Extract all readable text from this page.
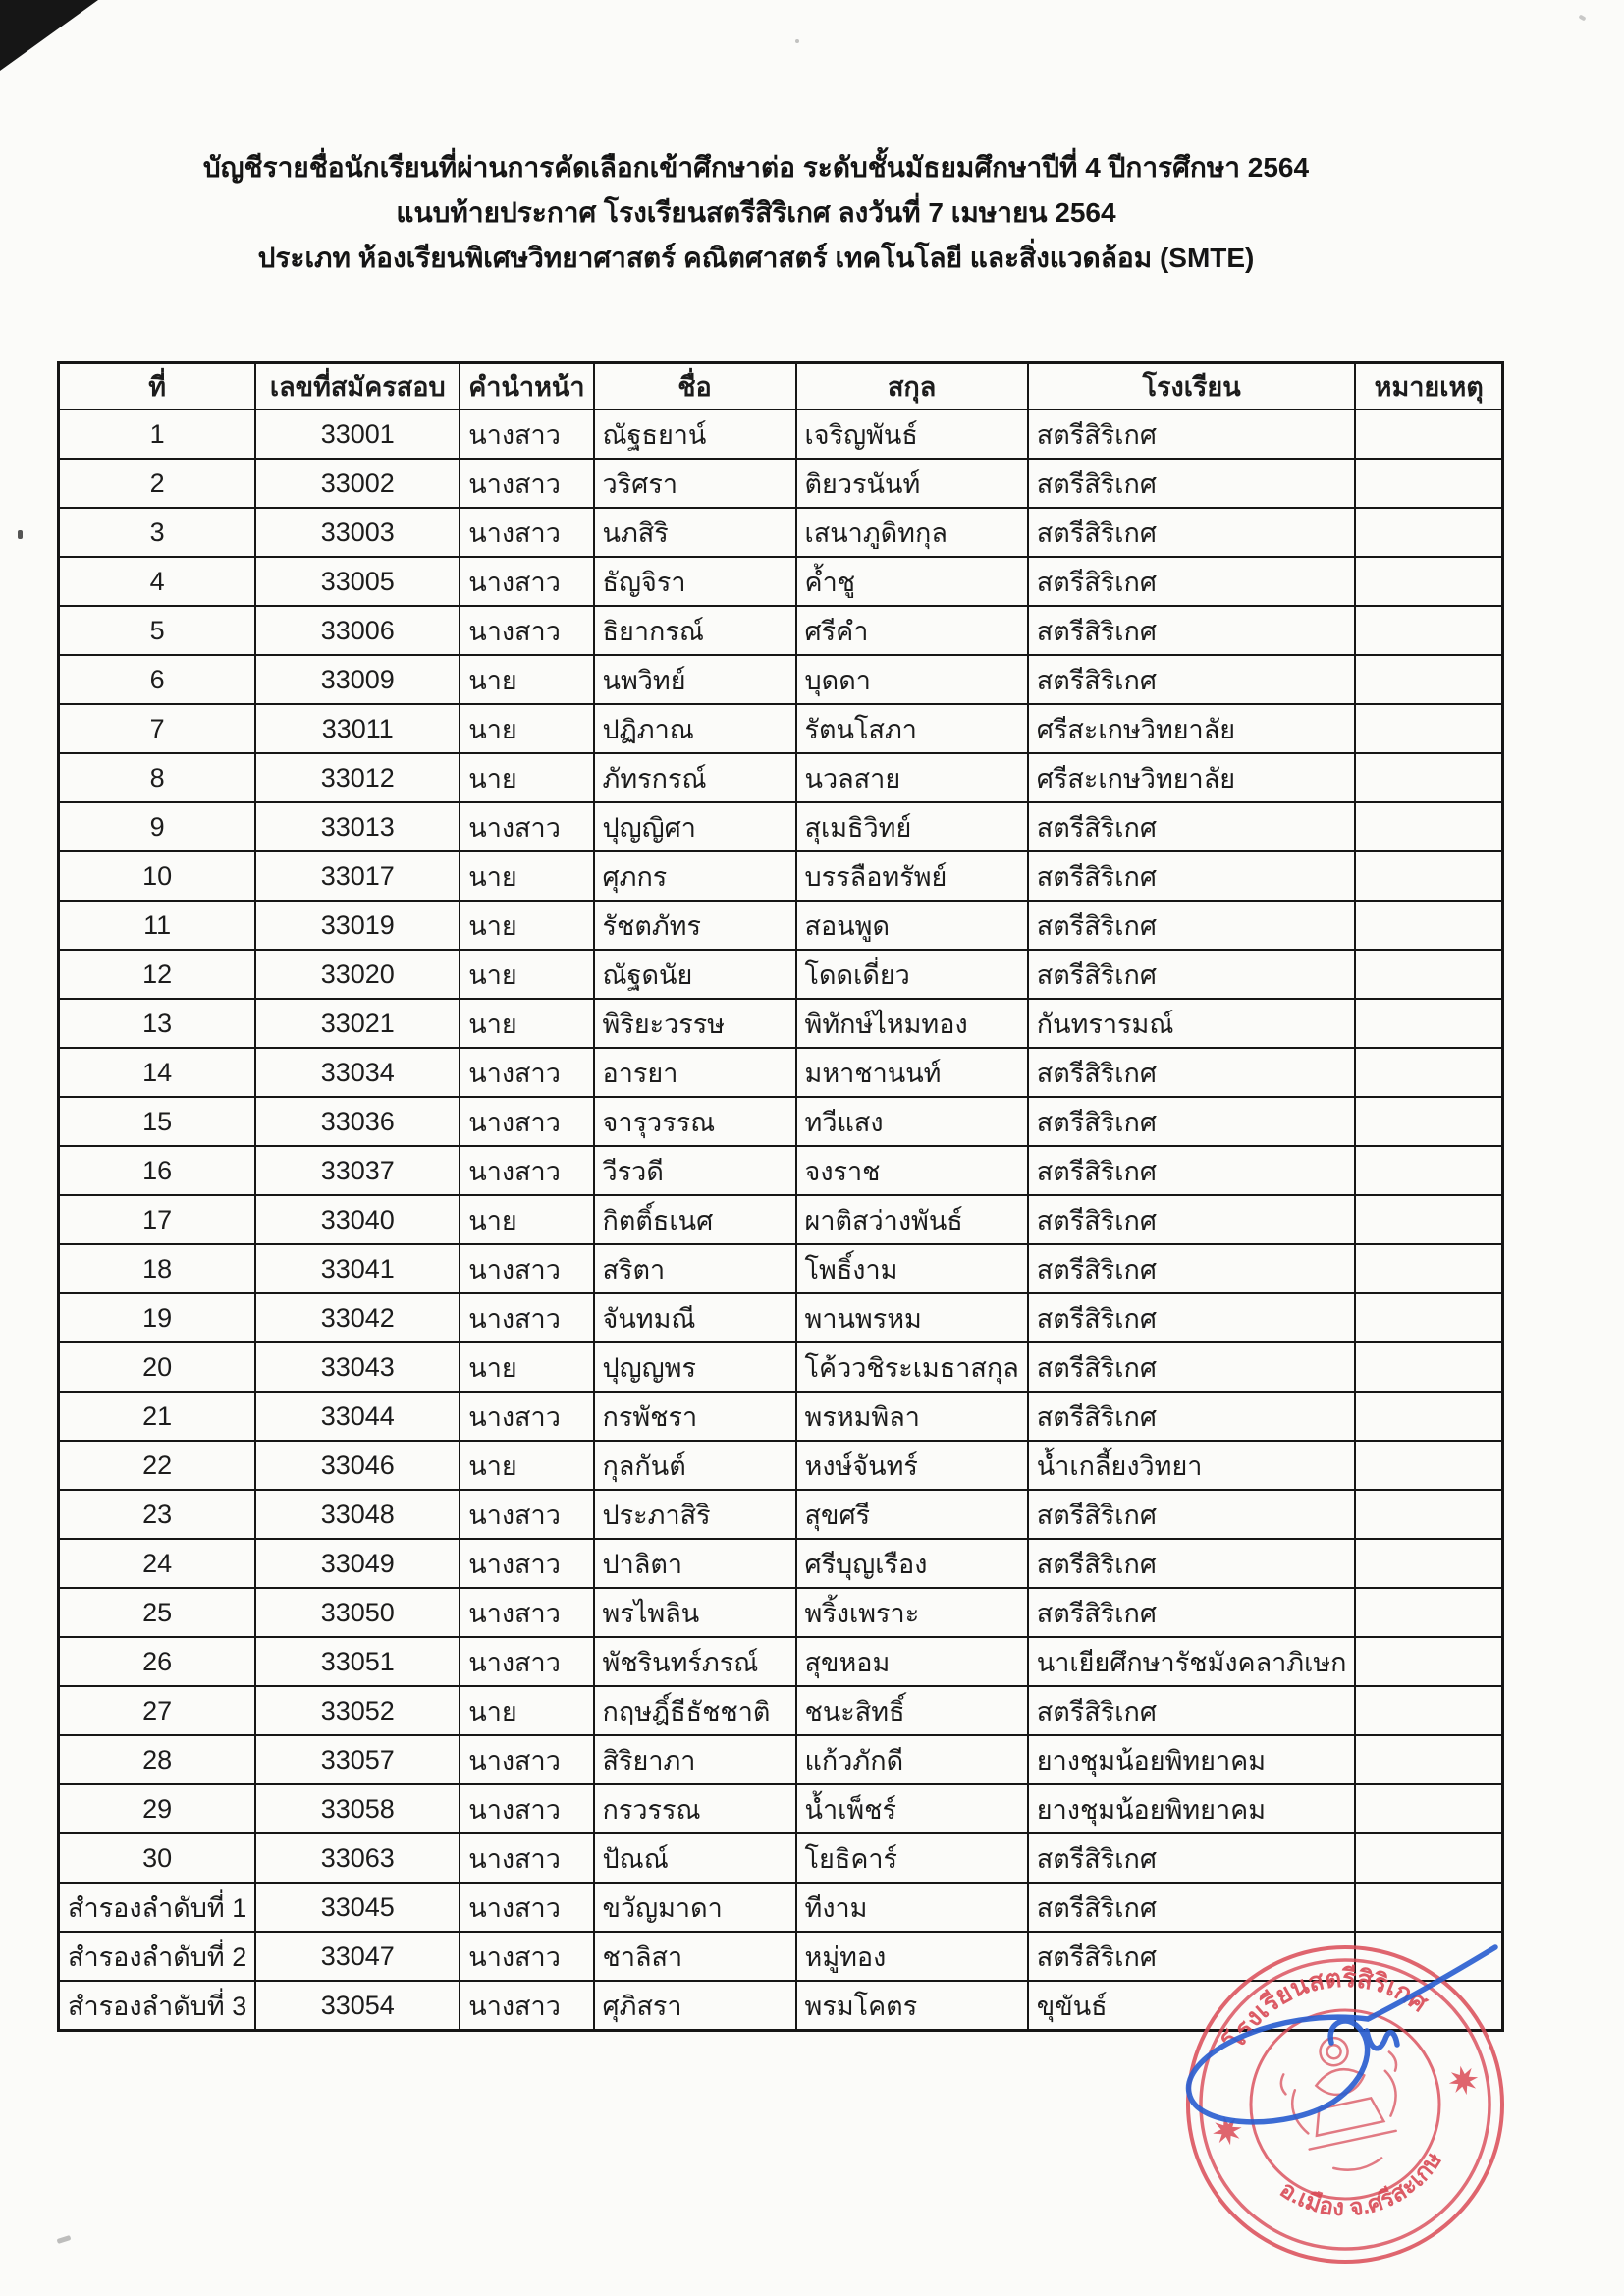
บัญชีรายชื่อนักเรียนที่ผ่านการคัดเลือกเข้าศึกษาต่อ ระดับชั้นมัธยมศึกษาปีที่ 4 ปีการศึกษา 2564
แนบท้ายประกาศ โรงเรียนสตรีสิริเกศ ลงวันที่ 7 เมษายน 2564
ประเภท ห้องเรียนพิเศษวิทยาศาสตร์ คณิตศาสตร์ เทคโนโลยี และสิ่งแวดล้อม (SMTE)
ที่	เลขที่สมัครสอบ	คำนำหน้า	ชื่อ	สกุล	โรงเรียน	หมายเหตุ
1	33001	นางสาว	ณัฐธยาน์	เจริญพันธ์	สตรีสิริเกศ	
2	33002	นางสาว	วริศรา	ติยวรนันท์	สตรีสิริเกศ	
3	33003	นางสาว	นภสิริ	เสนาภูดิทกุล	สตรีสิริเกศ	
4	33005	นางสาว	ธัญจิรา	ค้ำชู	สตรีสิริเกศ	
5	33006	นางสาว	ธิยากรณ์	ศรีคำ	สตรีสิริเกศ	
6	33009	นาย	นพวิทย์	บุดดา	สตรีสิริเกศ	
7	33011	นาย	ปฏิภาณ	รัตนโสภา	ศรีสะเกษวิทยาลัย	
8	33012	นาย	ภัทรกรณ์	นวลสาย	ศรีสะเกษวิทยาลัย	
9	33013	นางสาว	ปุญญิศา	สุเมธิวิทย์	สตรีสิริเกศ	
10	33017	นาย	ศุภกร	บรรลือทรัพย์	สตรีสิริเกศ	
11	33019	นาย	รัชตภัทร	สอนพูด	สตรีสิริเกศ	
12	33020	นาย	ณัฐดนัย	โดดเดี่ยว	สตรีสิริเกศ	
13	33021	นาย	พิริยะวรรษ	พิทักษ์ไหมทอง	กันทรารมณ์	
14	33034	นางสาว	อารยา	มหาชานนท์	สตรีสิริเกศ	
15	33036	นางสาว	จารุวรรณ	ทวีแสง	สตรีสิริเกศ	
16	33037	นางสาว	วีรวดี	จงราช	สตรีสิริเกศ	
17	33040	นาย	กิตติ์ธเนศ	ผาติสว่างพันธ์	สตรีสิริเกศ	
18	33041	นางสาว	สริตา	โพธิ์งาม	สตรีสิริเกศ	
19	33042	นางสาว	จันทมณี	พานพรหม	สตรีสิริเกศ	
20	33043	นาย	ปุญญพร	โค้ววชิระเมธาสกุล	สตรีสิริเกศ	
21	33044	นางสาว	กรพัชรา	พรหมพิลา	สตรีสิริเกศ	
22	33046	นาย	กุลกันต์	หงษ์จันทร์	น้ำเกลี้ยงวิทยา	
23	33048	นางสาว	ประภาสิริ	สุขศรี	สตรีสิริเกศ	
24	33049	นางสาว	ปาลิตา	ศรีบุญเรือง	สตรีสิริเกศ	
25	33050	นางสาว	พรไพลิน	พริ้งเพราะ	สตรีสิริเกศ	
26	33051	นางสาว	พัชรินทร์ภรณ์	สุขหอม	นาเยียศึกษารัชมังคลาภิเษก	
27	33052	นาย	กฤษฎิ์ธีธัชชาติ	ชนะสิทธิ์	สตรีสิริเกศ	
28	33057	นางสาว	สิริยาภา	แก้วภักดี	ยางชุมน้อยพิทยาคม	
29	33058	นางสาว	กรวรรณ	น้ำเพ็ชร์	ยางชุมน้อยพิทยาคม	
30	33063	นางสาว	ปัณณ์	โยธิคาร์	สตรีสิริเกศ	
สำรองลำดับที่ 1	33045	นางสาว	ขวัญมาดา	ทีงาม	สตรีสิริเกศ	
สำรองลำดับที่ 2	33047	นางสาว	ชาลิสา	หมู่ทอง	สตรีสิริเกศ	
สำรองลำดับที่ 3	33054	นางสาว	ศุภิสรา	พรมโคตร	ขุขันธ์	
โรงเรียนสตรีสิริเกศ
อ.เมือง จ.ศรีสะเกษ
